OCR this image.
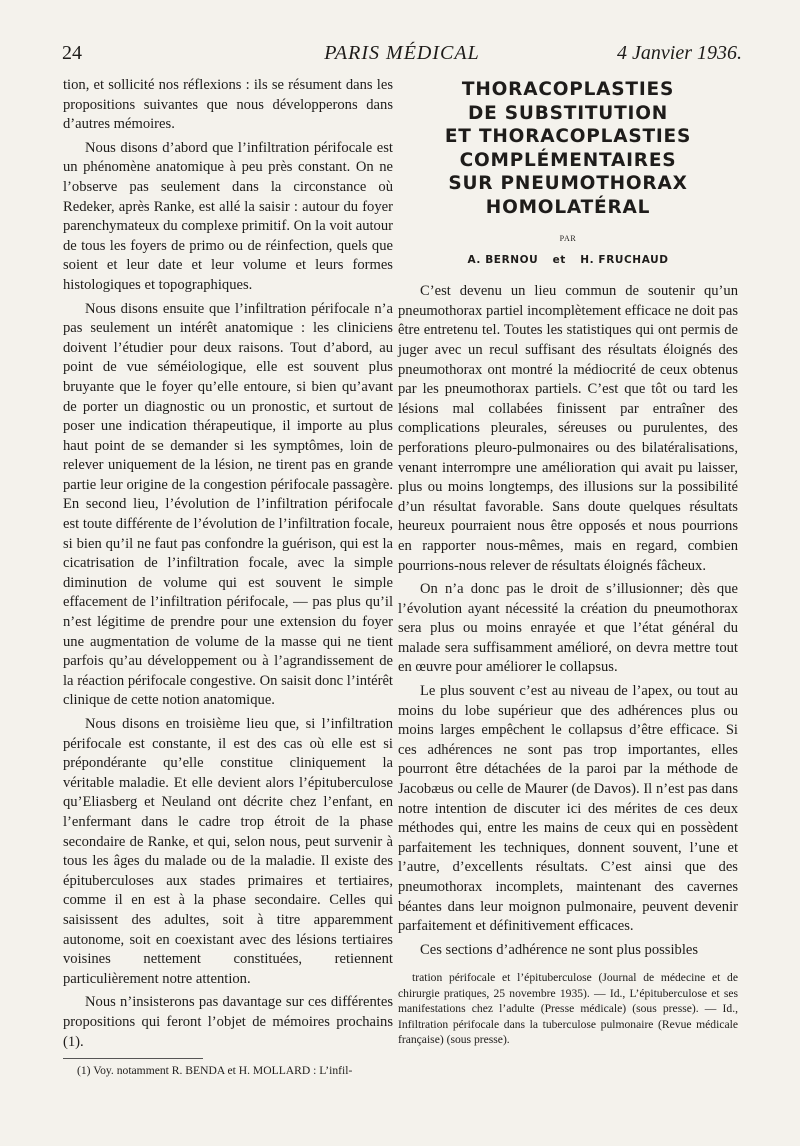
24	PARIS MÉDICAL	4 Janvier 1936.

tion, et sollicité nos réflexions : ils se résument dans les propositions suivantes que nous développerons dans d’autres mémoires.

Nous disons d’abord que l’infiltration périfocale est un phénomène anatomique à peu près constant. On ne l’observe pas seulement dans la circonstance où Redeker, après Ranke, est allé la saisir : autour du foyer parenchymateux du complexe primitif. On la voit autour de tous les foyers de primo ou de réinfection, quels que soient et leur date et leur volume et leurs formes histologiques et topographiques.

Nous disons ensuite que l’infiltration périfocale n’a pas seulement un intérêt anatomique : les cliniciens doivent l’étudier pour deux raisons. Tout d’abord, au point de vue séméiologique, elle est souvent plus bruyante que le foyer qu’elle entoure, si bien qu’avant de porter un diagnostic ou un pronostic, et surtout de poser une indication thérapeutique, il importe au plus haut point de se demander si les symptômes, loin de relever uniquement de la lésion, ne tirent pas en grande partie leur origine de la congestion périfocale passagère. En second lieu, l’évolution de l’infiltration périfocale est toute différente de l’évolution de l’infiltration focale, si bien qu’il ne faut pas confondre la guérison, qui est la cicatrisation de l’infiltration focale, avec la simple diminution de volume qui est souvent le simple effacement de l’infiltration périfocale, — pas plus qu’il n’est légitime de prendre pour une extension du foyer une augmentation de volume de la masse qui ne tient parfois qu’au développement ou à l’agrandissement de la réaction périfocale congestive. On saisit donc l’intérêt clinique de cette notion anatomique.

Nous disons en troisième lieu que, si l’infiltration périfocale est constante, il est des cas où elle est si prépondérante qu’elle constitue cliniquement la véritable maladie. Et elle devient alors l’épituberculose qu’Eliasberg et Neuland ont décrite chez l’enfant, en l’enfermant dans le cadre trop étroit de la phase secondaire de Ranke, et qui, selon nous, peut survenir à tous les âges du malade ou de la maladie. Il existe des épituberculoses aux stades primaires et tertiaires, comme il en est à la phase secondaire. Celles qui saisissent des adultes, soit à titre apparemment autonome, soit en coexistant avec des lésions tertiaires voisines nettement constituées, retiennent particulièrement notre attention.

Nous n’insisterons pas davantage sur ces différentes propositions qui feront l’objet de mémoires prochains (1).

(1) Voy. notamment R. BENDA et H. MOLLARD : L’infil-
THORACOPLASTIES
DE SUBSTITUTION
ET THORACOPLASTIES
COMPLÉMENTAIRES
SUR PNEUMOTHORAX
HOMOLATÉRAL
PAR
A. BERNOU et H. FRUCHAUD

C’est devenu un lieu commun de soutenir qu’un pneumothorax partiel incomplètement efficace ne doit pas être entretenu tel. Toutes les statistiques qui ont permis de juger avec un recul suffisant des résultats éloignés des pneumothorax ont montré la médiocrité de ceux obtenus par les pneumothorax partiels. C’est que tôt ou tard les lésions mal collabées finissent par entraîner des complications pleurales, séreuses ou purulentes, des perforations pleuro-pulmonaires ou des bilatéralisations, venant interrompre une amélioration qui avait pu laisser, plus ou moins longtemps, des illusions sur la possibilité d’un résultat favorable. Sans doute quelques résultats heureux pourraient nous être opposés et nous pourrions en rapporter nous-mêmes, mais en regard, combien pourrions-nous relever de résultats éloignés fâcheux.

On n’a donc pas le droit de s’illusionner; dès que l’évolution ayant nécessité la création du pneumothorax sera plus ou moins enrayée et que l’état général du malade sera suffisamment amélioré, on devra mettre tout en œuvre pour améliorer le collapsus.

Le plus souvent c’est au niveau de l’apex, ou tout au moins du lobe supérieur que des adhérences plus ou moins larges empêchent le collapsus d’être efficace. Si ces adhérences ne sont pas trop importantes, elles pourront être détachées de la paroi par la méthode de Jacobæus ou celle de Maurer (de Davos). Il n’est pas dans notre intention de discuter ici des mérites de ces deux méthodes qui, entre les mains de ceux qui en possèdent parfaitement les techniques, donnent souvent, l’une et l’autre, d’excellents résultats. C’est ainsi que des pneumothorax incomplets, maintenant des cavernes béantes dans leur moignon pulmonaire, peuvent devenir parfaitement et définitivement efficaces.

Ces sections d’adhérence ne sont plus possibles

tration périfocale et l’épituberculose (Journal de médecine et de chirurgie pratiques, 25 novembre 1935). — Id., L’épituberculose et ses manifestations chez l’adulte (Presse médicale) (sous presse). — Id., Infiltration périfocale dans la tuberculose pulmonaire (Revue médicale française) (sous presse).
